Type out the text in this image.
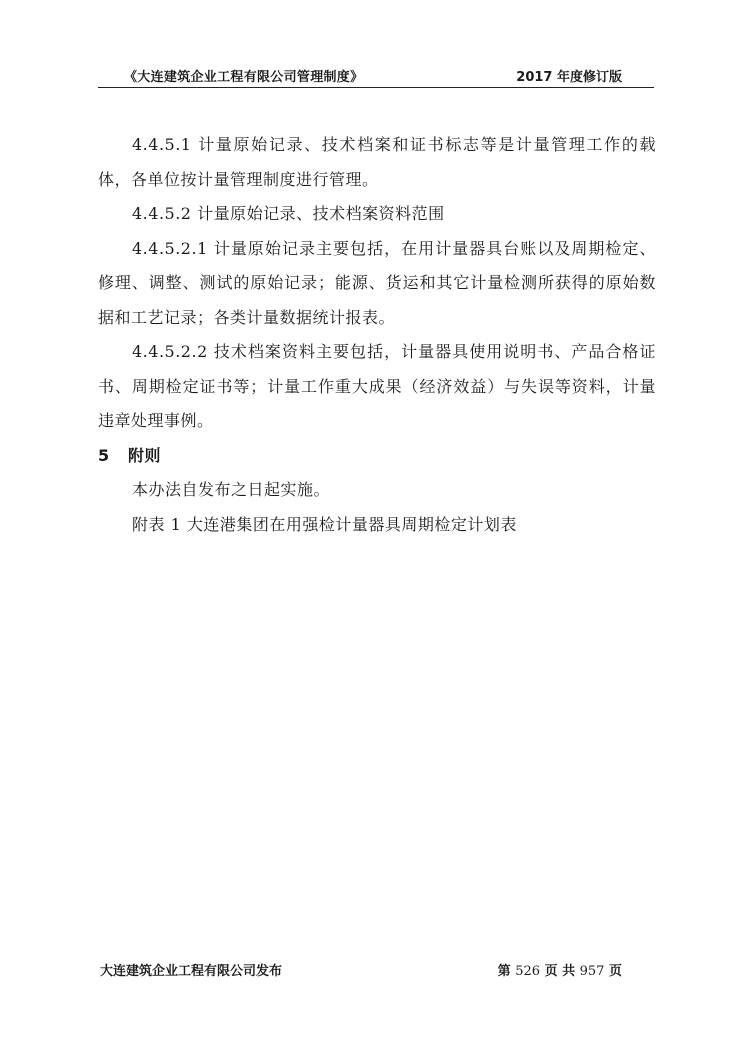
《大连建筑企业工程有限公司管理制度》	2017 年度修订版

4.4.5.1 计量原始记录、技术档案和证书标志等是计量管理工作的载体，各单位按计量管理制度进行管理。

4.4.5.2 计量原始记录、技术档案资料范围

4.4.5.2.1 计量原始记录主要包括，在用计量器具台账以及周期检定、修理、调整、测试的原始记录；能源、货运和其它计量检测所获得的原始数据和工艺记录；各类计量数据统计报表。

4.4.5.2.2 技术档案资料主要包括，计量器具使用说明书、产品合格证书、周期检定证书等；计量工作重大成果（经济效益）与失误等资料，计量违章处理事例。

5 附则

本办法自发布之日起实施。

附表 1 大连港集团在用强检计量器具周期检定计划表

大连建筑企业工程有限公司发布	第 526 页 共 957 页
